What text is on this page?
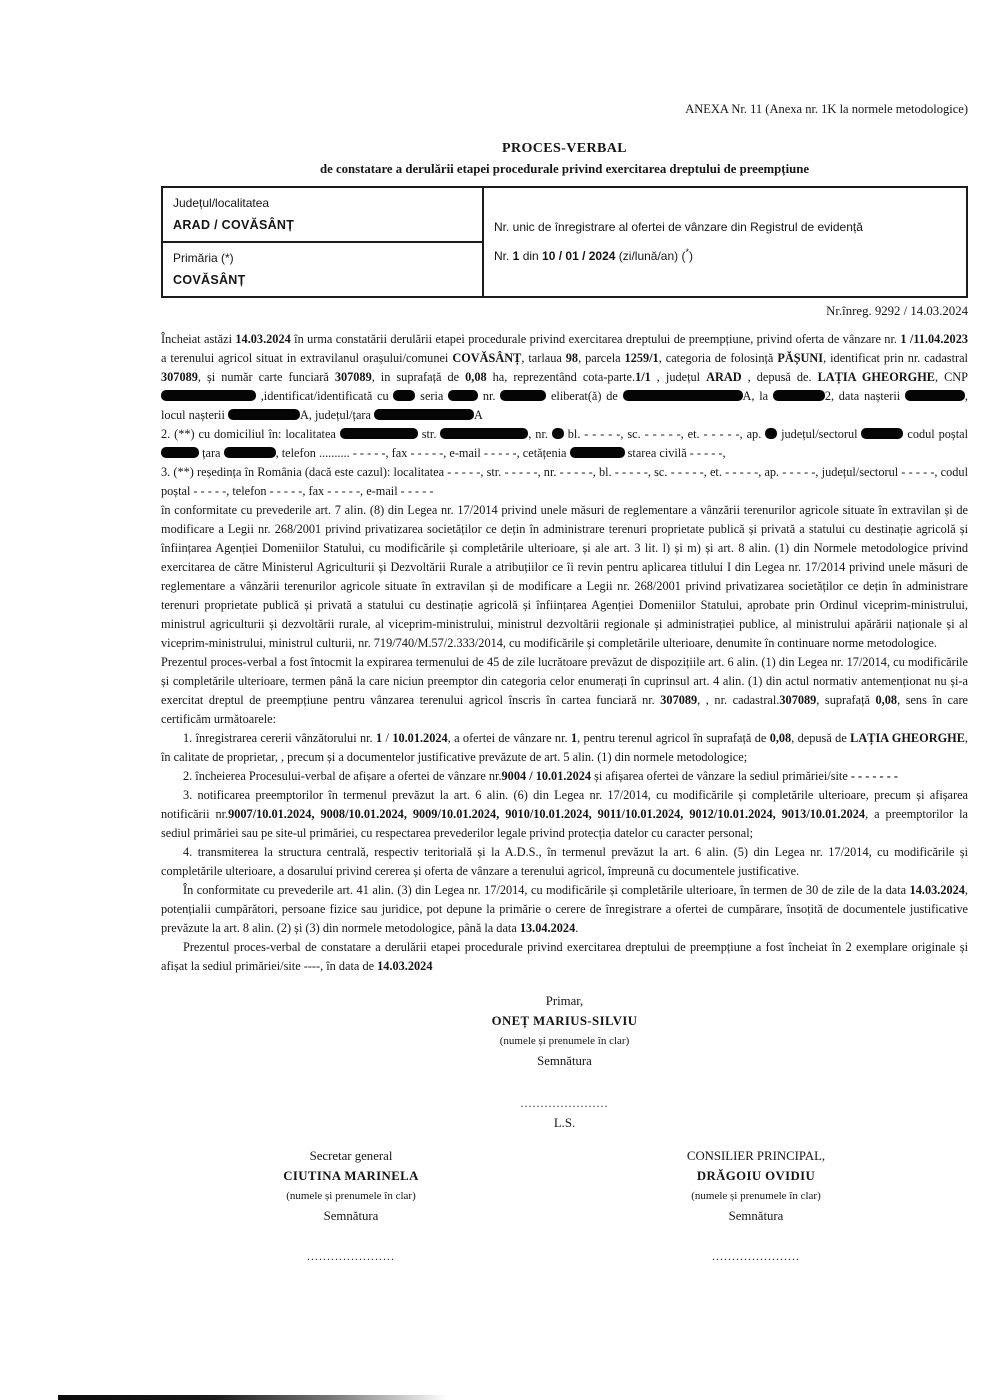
ANEXA Nr. 11 (Anexa nr. 1K la normele metodologice)
PROCES-VERBAL
de constatare a derulării etapei procedurale privind exercitarea dreptului de preempțiune
Județul/localitatea
ARAD / COVĂSÂNȚ
Primăria (*)
COVĂSÂNȚ
Nr. unic de înregistrare al ofertei de vânzare din Registrul de evidență
Nr. 1 din 10 / 01 / 2024 (zi/lună/an) (*)
Nr.înreg. 9292 / 14.03.2024

Încheiat astăzi 14.03.2024 în urma constatării derulării etapei procedurale privind exercitarea dreptului de preempțiune, privind oferta de vânzare nr. 1 /11.04.2023 a terenului agricol situat in extravilanul orașului/comunei COVĂSÂNȚ, tarlaua 98, parcela 1259/1, categoria de folosință PĂȘUNI, identificat prin nr. cadastral 307089, și număr carte funciară 307089, in suprafață de 0,08 ha, reprezentând cota-parte.1/1 , județul ARAD , depusă de. LAȚIA GHEORGHE, CNP  ,identificat/identificată cu  seria  nr.	eliberat(ă) de	A, la	2, data nașterii	, locul nașterii	A, județul/țara	A

2. (**) cu domiciliul în: localitatea	str.	, nr.  bl. - - - - -, sc. - - - - -, et. - - - - -, ap.  județul/sectorul	codul poștal  țara	, telefon .......... - - - - -, fax - - - - -, e-mail - - - - -, cetățenia	starea civilă - - - - -,

3. (**) reședința în România (dacă este cazul): localitatea - - - - -, str. - - - - -, nr. - - - - -, bl. - - - - -, sc. - - - - -, et. - - - - -, ap. - - - - -, județul/sectorul - - - - -, codul poștal - - - - -, telefon - - - - -, fax - - - - -, e-mail - - - - -

în conformitate cu prevederile art. 7 alin. (8) din Legea nr. 17/2014 privind unele măsuri de reglementare a vânzării terenurilor agricole situate în extravilan și de modificare a Legii nr. 268/2001 privind privatizarea societăților ce dețin în administrare terenuri proprietate publică și privată a statului cu destinație agricolă și înființarea Agenției Domeniilor Statului, cu modificările și completările ulterioare, și ale art. 3 lit. l) și m) și art. 8 alin. (1) din Normele metodologice privind exercitarea de către Ministerul Agriculturii și Dezvoltării Rurale a atribuțiilor ce îi revin pentru aplicarea titlului I din Legea nr. 17/2014 privind unele măsuri de reglementare a vânzării terenurilor agricole situate în extravilan și de modificare a Legii nr. 268/2001 privind privatizarea societăților ce dețin în administrare terenuri proprietate publică și privată a statului cu destinație agricolă și înființarea Agenției Domeniilor Statului, aprobate prin Ordinul viceprim-ministrului, ministrul agriculturii și dezvoltării rurale, al viceprim-ministrului, ministrul dezvoltării regionale și administrației publice, al ministrului apărării naționale și al viceprim-ministrului, ministrul culturii, nr. 719/740/M.57/2.333/2014, cu modificările și completările ulterioare, denumite în continuare norme metodologice.

Prezentul proces-verbal a fost întocmit la expirarea termenului de 45 de zile lucrătoare prevăzut de dispozițiile art. 6 alin. (1) din Legea nr. 17/2014, cu modificările și completările ulterioare, termen până la care niciun preemptor din categoria celor enumerați în cuprinsul art. 4 alin. (1) din actul normativ antemenționat nu și-a exercitat dreptul de preempțiune pentru vânzarea terenului agricol înscris în cartea funciară nr. 307089, , nr. cadastral.307089, suprafață 0,08, sens în care certificăm următoarele:

1. înregistrarea cererii vânzătorului nr. 1 / 10.01.2024, a ofertei de vânzare nr. 1, pentru terenul agricol în suprafață de 0,08, depusă de LAȚIA GHEORGHE, în calitate de proprietar, , precum și a documentelor justificative prevăzute de art. 5 alin. (1) din normele metodologice;

2. încheierea Procesului-verbal de afișare a ofertei de vânzare nr.9004 / 10.01.2024 și afișarea ofertei de vânzare la sediul primăriei/site - - - - - - -

3. notificarea preemptorilor în termenul prevăzut la art. 6 alin. (6) din Legea nr. 17/2014, cu modificările și completările ulterioare, precum și afișarea notificării nr.9007/10.01.2024, 9008/10.01.2024, 9009/10.01.2024, 9010/10.01.2024, 9011/10.01.2024, 9012/10.01.2024, 9013/10.01.2024, a preemptorilor la sediul primăriei sau pe site-ul primăriei, cu respectarea prevederilor legale privind protecția datelor cu caracter personal;

4. transmiterea la structura centrală, respectiv teritorială și la A.D.S., în termenul prevăzut la art. 6 alin. (5) din Legea nr. 17/2014, cu modificările și completările ulterioare, a dosarului privind cererea și oferta de vânzare a terenului agricol, împreună cu documentele justificative.

În conformitate cu prevederile art. 41 alin. (3) din Legea nr. 17/2014, cu modificările și completările ulterioare, în termen de 30 de zile de la data 14.03.2024, potențialii cumpărători, persoane fizice sau juridice, pot depune la primărie o cerere de înregistrare a ofertei de cumpărare, însoțită de documentele justificative prevăzute la art. 8 alin. (2) și (3) din normele metodologice, până la data 13.04.2024.

Prezentul proces-verbal de constatare a derulării etapei procedurale privind exercitarea dreptului de preempțiune a fost încheiat în 2 exemplare originale și afișat la sediul primăriei/site ----, în data de 14.03.2024

Primar,
ONEȚ MARIUS-SILVIU
(numele și prenumele în clar)
Semnătura
......................
L.S.
Secretar general
CIUTINA MARINELA
(numele și prenumele în clar)
Semnătura
......................
CONSILIER PRINCIPAL,
DRĂGOIU OVIDIU
(numele și prenumele în clar)
Semnătura
......................
